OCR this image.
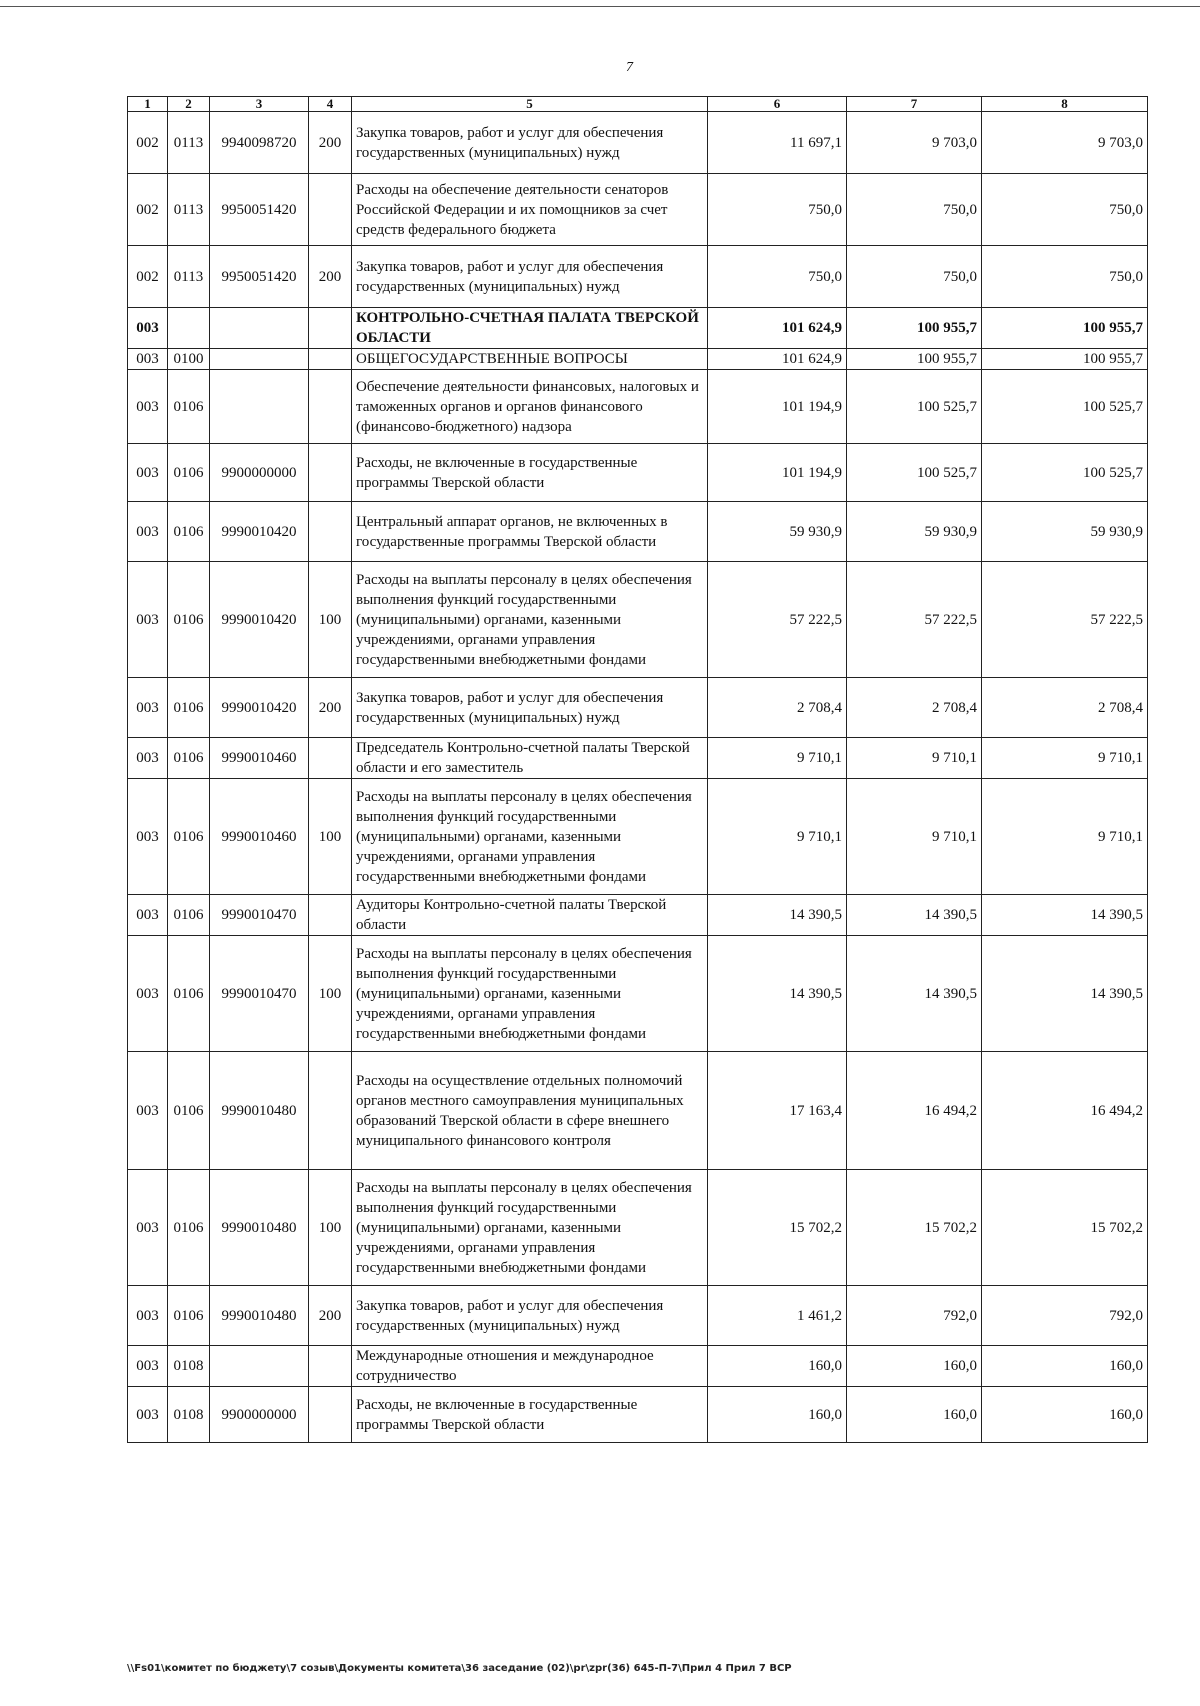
7
1	2	3	4	5	6	7	8
002	0113	9940098720	200	Закупка товаров, работ и услуг для обеспечения государственных (муниципальных) нужд	11 697,1	9 703,0	9 703,0
002	0113	9950051420		Расходы на обеспечение деятельности сенаторов Российской Федерации и их помощников за счет средств федерального бюджета	750,0	750,0	750,0
002	0113	9950051420	200	Закупка товаров, работ и услуг для обеспечения государственных (муниципальных) нужд	750,0	750,0	750,0
003				КОНТРОЛЬНО-СЧЕТНАЯ ПАЛАТА ТВЕРСКОЙ ОБЛАСТИ	101 624,9	100 955,7	100 955,7
003	0100			ОБЩЕГОСУДАРСТВЕННЫЕ ВОПРОСЫ	101 624,9	100 955,7	100 955,7
003	0106			Обеспечение деятельности финансовых, налоговых и таможенных органов и органов финансового (финансово-бюджетного) надзора	101 194,9	100 525,7	100 525,7
003	0106	9900000000		Расходы, не включенные в государственные программы Тверской области	101 194,9	100 525,7	100 525,7
003	0106	9990010420		Центральный аппарат органов, не включенных в государственные программы Тверской области	59 930,9	59 930,9	59 930,9
003	0106	9990010420	100	Расходы на выплаты персоналу в целях обеспечения выполнения функций государственными (муниципальными) органами, казенными учреждениями, органами управления государственными внебюджетными фондами	57 222,5	57 222,5	57 222,5
003	0106	9990010420	200	Закупка товаров, работ и услуг для обеспечения государственных (муниципальных) нужд	2 708,4	2 708,4	2 708,4
003	0106	9990010460		Председатель Контрольно-счетной палаты Тверской области и его заместитель	9 710,1	9 710,1	9 710,1
003	0106	9990010460	100	Расходы на выплаты персоналу в целях обеспечения выполнения функций государственными (муниципальными) органами, казенными учреждениями, органами управления государственными внебюджетными фондами	9 710,1	9 710,1	9 710,1
003	0106	9990010470		Аудиторы Контрольно-счетной палаты Тверской области	14 390,5	14 390,5	14 390,5
003	0106	9990010470	100	Расходы на выплаты персоналу в целях обеспечения выполнения функций государственными (муниципальными) органами, казенными учреждениями, органами управления государственными внебюджетными фондами	14 390,5	14 390,5	14 390,5
003	0106	9990010480		Расходы на осуществление отдельных полномочий органов местного самоуправления муниципальных образований Тверской области в сфере внешнего муниципального финансового контроля	17 163,4	16 494,2	16 494,2
003	0106	9990010480	100	Расходы на выплаты персоналу в целях обеспечения выполнения функций государственными (муниципальными) органами, казенными учреждениями, органами управления государственными внебюджетными фондами	15 702,2	15 702,2	15 702,2
003	0106	9990010480	200	Закупка товаров, работ и услуг для обеспечения государственных (муниципальных) нужд	1 461,2	792,0	792,0
003	0108			Международные отношения и международное сотрудничество	160,0	160,0	160,0
003	0108	9900000000		Расходы, не включенные в государственные программы Тверской области	160,0	160,0	160,0
\\Fs01\комитет по бюджету\7 созыв\Документы комитета\36 заседание (02)\pr\zpr(36) 645-П-7\Прил 4 Прил 7 ВСР
